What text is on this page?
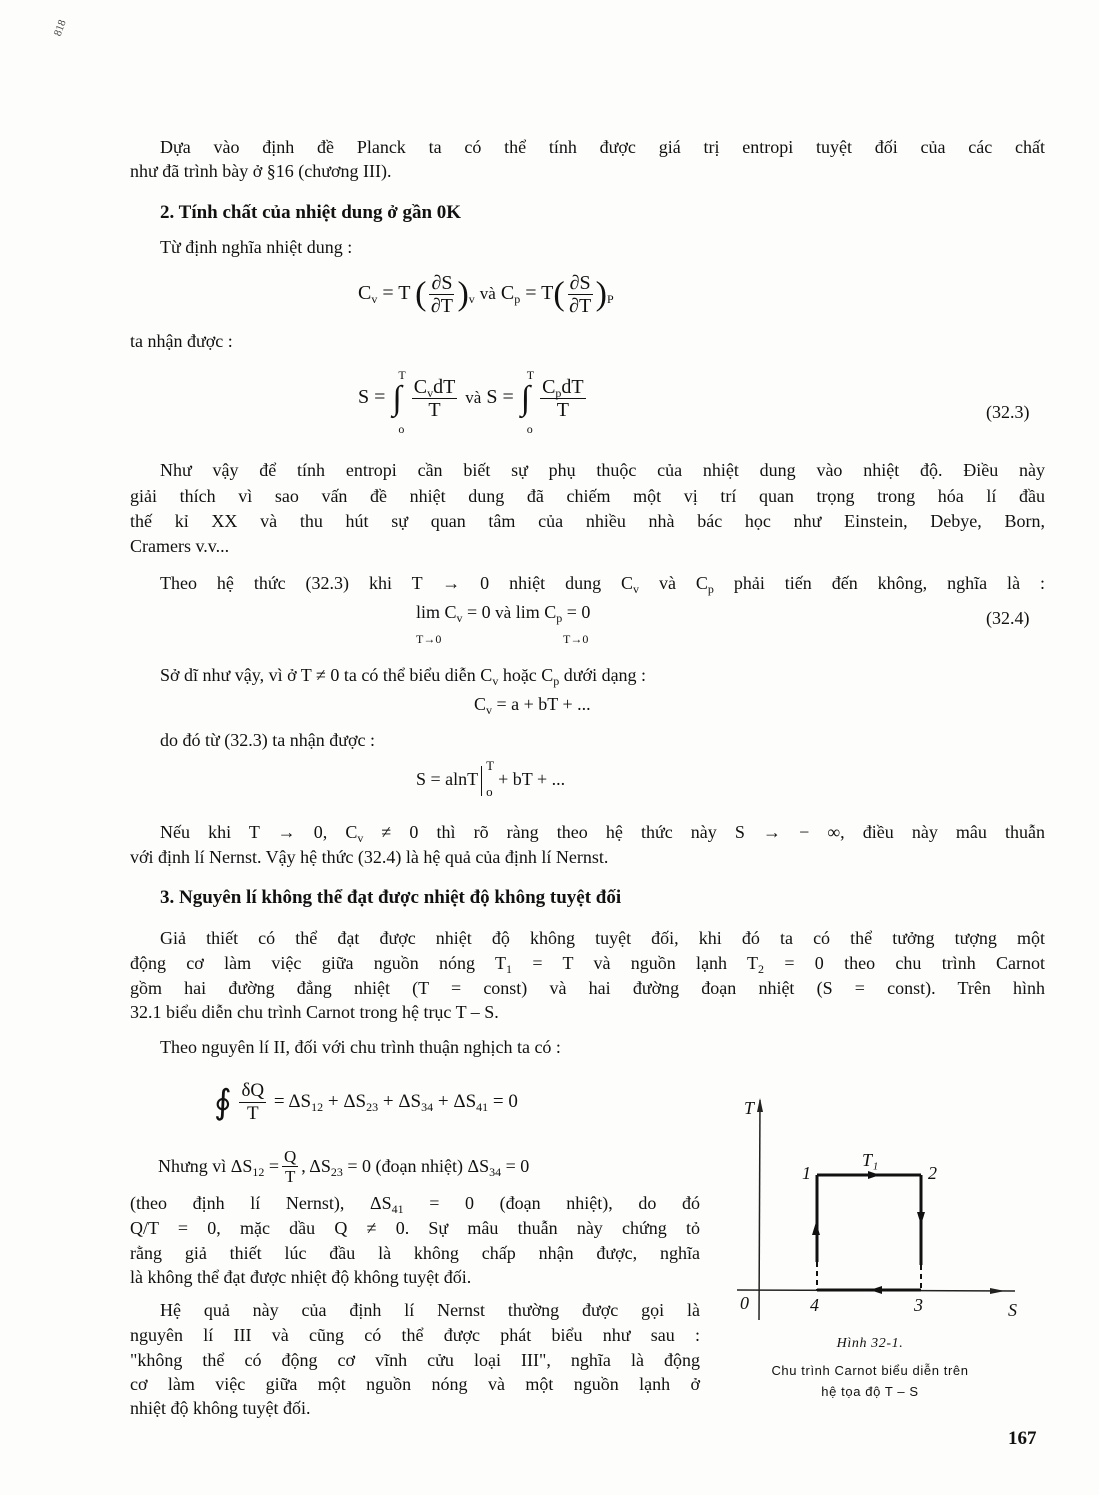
818
Dựa vào định đề Planck ta có thể tính được giá trị entropi tuyệt đối của các chất
như đã trình bày ở §16 (chương III).
2. Tính chất của nhiệt dung ở gần 0K
Từ định nghĩa nhiệt dung :
$C_v = T$ ( $\frac{\partial S}{\partial T} )_v$ và $C_p = T( \frac{\partial S}{\partial T} )_P$
ta nhận được :
S = ∫
T
o

$\frac{C_vdT}{T}$ và S = ∫
T
o

$\frac{C_pdT}{T}$	(32.3)
Như vậy để tính entropi cần biết sự phụ thuộc của nhiệt dung vào nhiệt độ. Điều này
giải thích vì sao vấn đề nhiệt dung đã chiếm một vị trí quan trọng trong hóa lí đầu
thế kỉ XX và thu hút sự quan tâm của nhiều nhà bác học như Einstein, Debye, Born,
Cramers v.v...
Theo hệ thức (32.3) khi T → 0 nhiệt dung $C_v$ và $C_p$ phải tiến đến không, nghĩa là :
$\lim C_v = 0$ và $\lim C_p = 0$
T→0	T→0
(32.4)
Sở dĩ như vậy, vì ở T ≠ 0 ta có thể biểu diễn $C_v$ hoặc $C_p$ dưới dạng :
$C_v = a$ + bT + ...
do đó từ (32.3) ta nhận được :
S = alnT
T
o
+ bT + ...
Nếu khi T → 0, $C_v \ne 0$ thì rõ ràng theo hệ thức này S → − ∞, điều này mâu thuẫn
với định lí Nernst. Vậy hệ thức (32.4) là hệ quả của định lí Nernst.
3. Nguyên lí không thể đạt được nhiệt độ không tuyệt đối
Giả thiết có thể đạt được nhiệt độ không tuyệt đối, khi đó ta có thể tưởng tượng một
động cơ làm việc giữa nguồn nóng $T_1 = T$ và nguồn lạnh $T_2 = 0$ theo chu trình Carnot
gồm hai đường đẳng nhiệt (T = const) và hai đường đoạn nhiệt (S = const). Trên hình
32.1 biểu diễn chu trình Carnot trong hệ trục T – S.
Theo nguyên lí II, đối với chu trình thuận nghịch ta có :
∮ $\frac{\delta Q}{T} = \Delta S_{12} + \Delta S_{23} + \Delta S_{34} + \Delta S_{41} = 0$
Nhưng vì $\Delta S_{12} = \frac{Q}{T}$ , $\Delta S_{23} = 0$ (đoạn nhiệt) $\Delta S_{34} = 0$
(theo định lí Nernst), $\Delta S_{41} = 0$ (đoạn nhiệt), do đó
Q/T = 0, mặc dầu Q ≠ 0. Sự mâu thuẫn này chứng tỏ
rằng giả thiết lúc đầu là không chấp nhận được, nghĩa
là không thể đạt được nhiệt độ không tuyệt đối.
Hệ quả này của định lí Nernst thường được gọi là
nguyên lí III và cũng có thể được phát biểu như sau :
"không thể có động cơ vĩnh cửu loại III", nghĩa là động
cơ làm việc giữa một nguồn nóng và một nguồn lạnh ở
nhiệt độ không tuyệt đối.
T
1
T₁
2
0	4	3	S
Hình 32-1.
Chu trình Carnot biểu diễn trên
hệ tọa độ T – S
167
